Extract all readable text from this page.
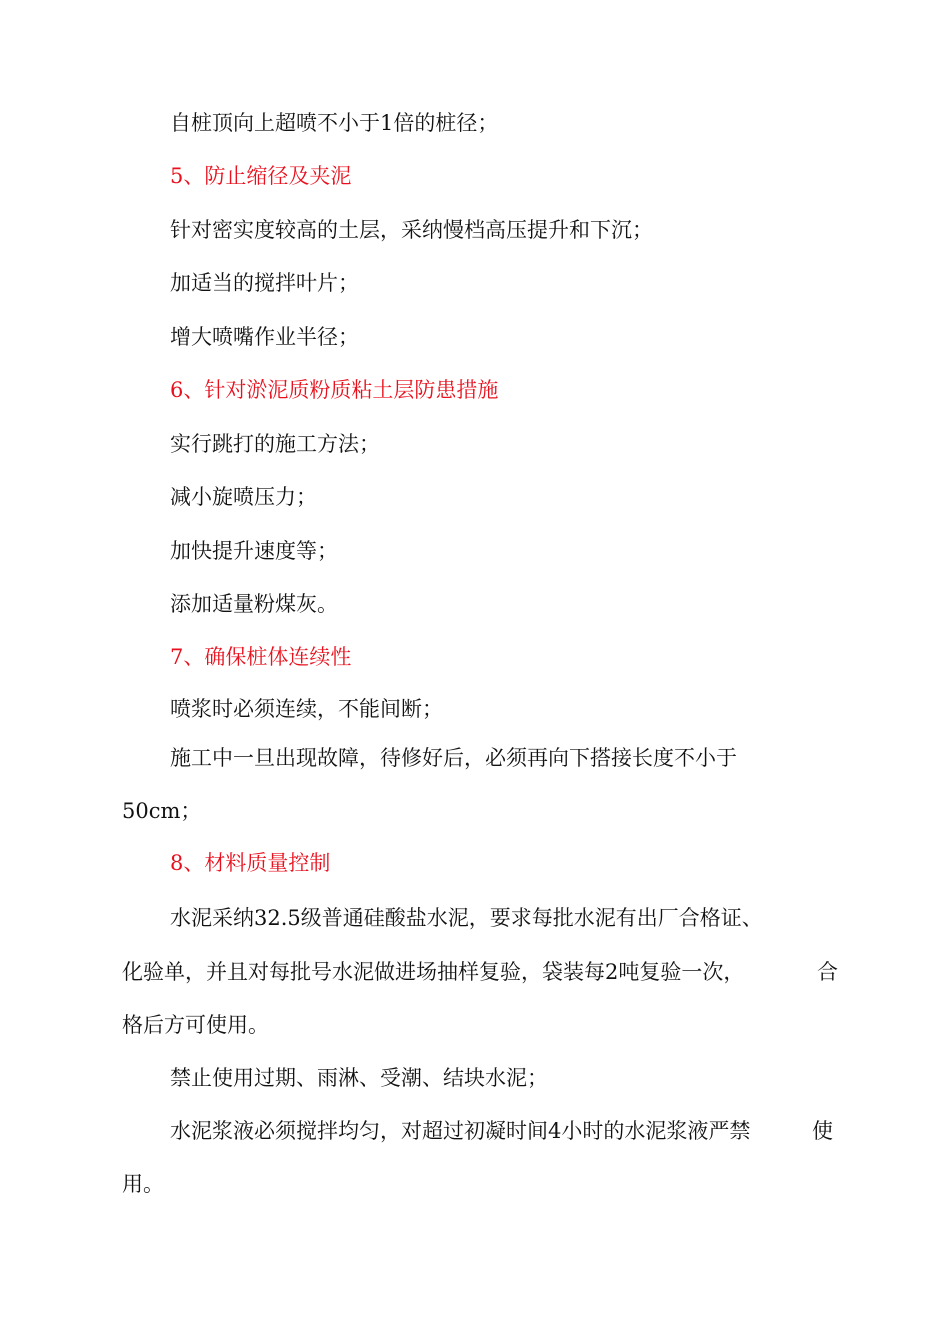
自桩顶向上超喷不小于1倍的桩径；
5、防止缩径及夹泥
针对密实度较高的土层，采纳慢档高压提升和下沉；
加适当的搅拌叶片；
增大喷嘴作业半径；
6、针对淤泥质粉质粘土层防患措施
实行跳打的施工方法；
减小旋喷压力；
加快提升速度等；
添加适量粉煤灰。
7、确保桩体连续性
喷浆时必须连续，不能间断；
施工中一旦出现故障，待修好后，必须再向下搭接长度不小于
50cm；
8、材料质量控制
水泥采纳32.5级普通硅酸盐水泥，要求每批水泥有出厂合格证、
化验单，并且对每批号水泥做进场抽样复验，袋装每2吨复验一次，	合
格后方可使用。
禁止使用过期、雨淋、受潮、结块水泥；
水泥浆液必须搅拌均匀，对超过初凝时间4小时的水泥浆液严禁	使
用。
